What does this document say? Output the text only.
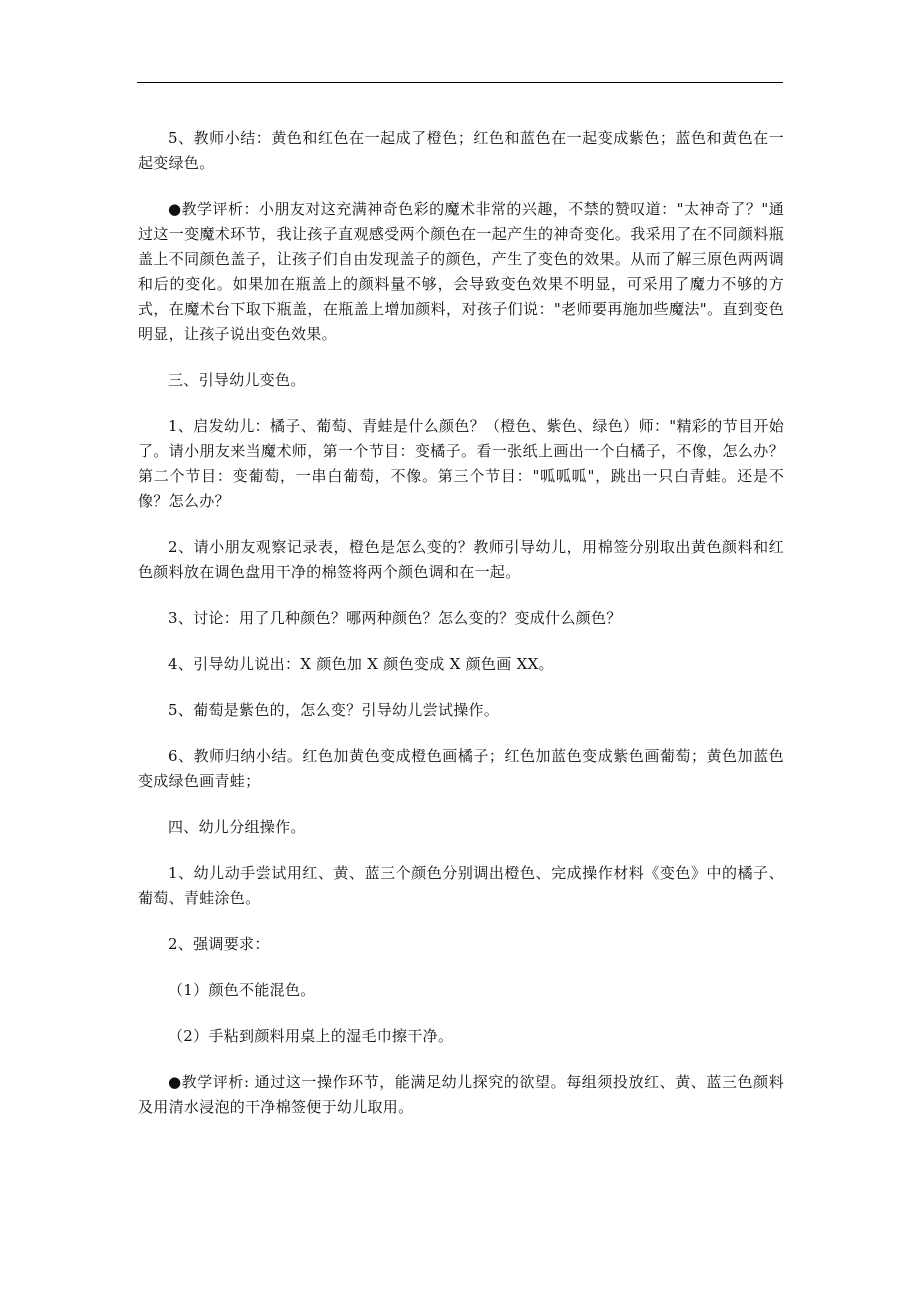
5、教师小结：黄色和红色在一起成了橙色；红色和蓝色在一起变成紫色；蓝色和黄色在一起变绿色。

●教学评析：小朋友对这充满神奇色彩的魔术非常的兴趣，不禁的赞叹道："太神奇了？"通过这一变魔术环节，我让孩子直观感受两个颜色在一起产生的神奇变化。我采用了在不同颜料瓶盖上不同颜色盖子，让孩子们自由发现盖子的颜色，产生了变色的效果。从而了解三原色两两调和后的变化。如果加在瓶盖上的颜料量不够，会导致变色效果不明显，可采用了魔力不够的方式，在魔术台下取下瓶盖，在瓶盖上增加颜料，对孩子们说："老师要再施加些魔法"。直到变色明显，让孩子说出变色效果。

三、引导幼儿变色。

1、启发幼儿：橘子、葡萄、青蛙是什么颜色？（橙色、紫色、绿色）师："精彩的节目开始了。请小朋友来当魔术师，第一个节目：变橘子。看一张纸上画出一个白橘子，不像，怎么办？第二个节目：变葡萄，一串白葡萄，不像。第三个节目："呱呱呱"，跳出一只白青蛙。还是不像？怎么办？

2、请小朋友观察记录表，橙色是怎么变的？教师引导幼儿，用棉签分别取出黄色颜料和红色颜料放在调色盘用干净的棉签将两个颜色调和在一起。

3、讨论：用了几种颜色？哪两种颜色？怎么变的？变成什么颜色？

4、引导幼儿说出：X 颜色加 X 颜色变成 X 颜色画 XX。

5、葡萄是紫色的，怎么变？引导幼儿尝试操作。

6、教师归纳小结。红色加黄色变成橙色画橘子；红色加蓝色变成紫色画葡萄；黄色加蓝色变成绿色画青蛙；

四、幼儿分组操作。

1、幼儿动手尝试用红、黄、蓝三个颜色分别调出橙色、完成操作材料《变色》中的橘子、葡萄、青蛙涂色。

2、强调要求：

（1）颜色不能混色。

（2）手粘到颜料用桌上的湿毛巾擦干净。

●教学评析: 通过这一操作环节，能满足幼儿探究的欲望。每组须投放红、黄、蓝三色颜料及用清水浸泡的干净棉签便于幼儿取用。
